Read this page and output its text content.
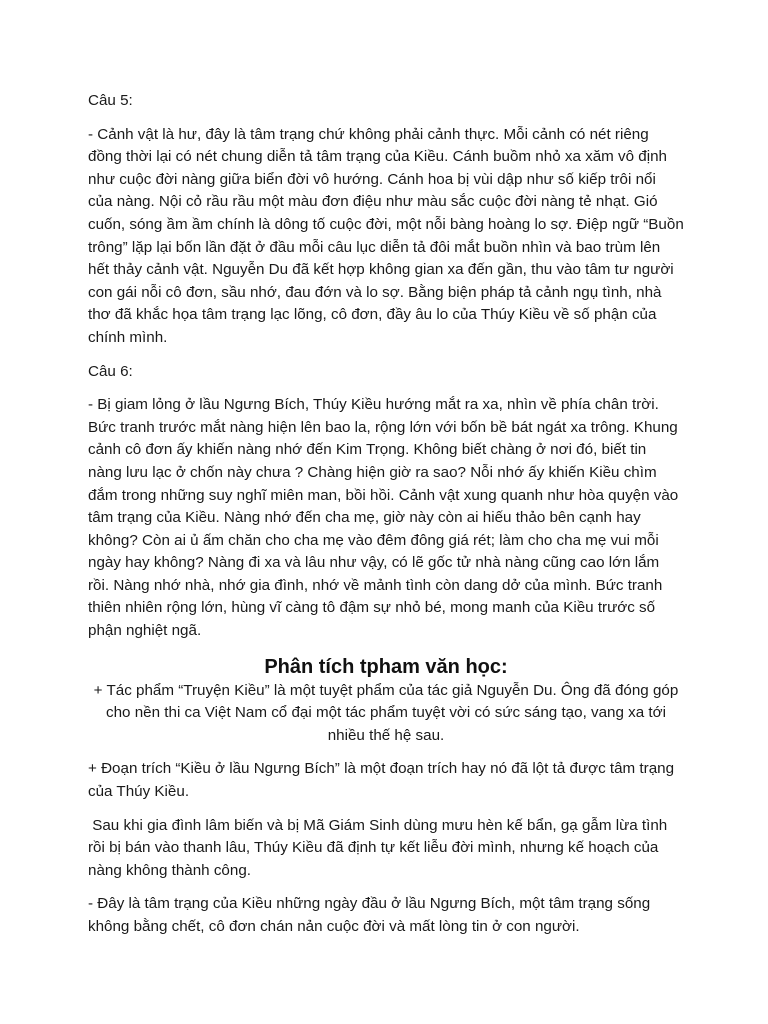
Câu 5:

- Cảnh vật là hư, đây là tâm trạng chứ không phải cảnh thực. Mỗi cảnh có nét riêng đồng thời lại có nét chung diễn tả tâm trạng của Kiều. Cánh buồm nhỏ xa xăm vô định như cuộc đời nàng giữa biển đời vô hướng. Cánh hoa bị vùi dập như số kiếp trôi nổi của nàng. Nội cỏ rầu rầu một màu đơn điệu như màu sắc cuộc đời nàng tẻ nhạt. Gió cuốn, sóng ầm ầm chính là dông tố cuộc đời, một nỗi bàng hoàng lo sợ. Điệp ngữ “Buồn trông” lặp lại bốn lần đặt ở đầu mỗi câu lục diễn tả đôi mắt buồn nhìn và bao trùm lên hết thảy cảnh vật. Nguyễn Du đã kết hợp không gian xa đến gần, thu vào tâm tư người con gái nỗi cô đơn, sầu nhớ, đau đớn và lo sợ. Bằng biện pháp tả cảnh ngụ tình, nhà thơ đã khắc họa tâm trạng lạc lõng, cô đơn, đầy âu lo của Thúy Kiều về số phận của chính mình.

Câu 6:

- Bị giam lỏng ở lầu Ngưng Bích, Thúy Kiều hướng mắt ra xa, nhìn về phía chân trời. Bức tranh trước mắt nàng hiện lên bao la, rộng lớn với bốn bề bát ngát xa trông. Khung cảnh cô đơn ấy khiến nàng nhớ đến Kim Trọng. Không biết chàng ở nơi đó, biết tin nàng lưu lạc ở chốn này chưa ? Chàng hiện giờ ra sao? Nỗi nhớ ấy khiến Kiều chìm đắm trong những suy nghĩ miên man, bồi hồi. Cảnh vật xung quanh như hòa quyện vào tâm trạng của Kiều. Nàng nhớ đến cha mẹ, giờ này còn ai hiếu thảo bên cạnh hay không? Còn ai ủ ấm chăn cho cha mẹ vào đêm đông giá rét; làm cho cha mẹ vui mỗi ngày hay không? Nàng đi xa và lâu như vậy, có lẽ gốc tử nhà nàng cũng cao lớn lắm rồi. Nàng nhớ nhà, nhớ gia đình, nhớ về mảnh tình còn dang dở của mình. Bức tranh thiên nhiên rộng lớn, hùng vĩ càng tô đậm sự nhỏ bé, mong manh của Kiều trước số phận nghiệt ngã.

Phân tích tpham văn học:

+ Tác phẩm “Truyện Kiều” là một tuyệt phẩm của tác giả Nguyễn Du. Ông đã đóng góp cho nền thi ca Việt Nam cổ đại một tác phẩm tuyệt vời có sức sáng tạo, vang xa tới nhiều thế hệ sau.

+ Đoạn trích “Kiều ở lầu Ngưng Bích” là một đoạn trích hay nó đã lột tả được tâm trạng của Thúy Kiều.

Sau khi gia đình lâm biến và bị Mã Giám Sinh dùng mưu hèn kế bẩn, gạ gẫm lừa tình rồi bị bán vào thanh lâu, Thúy Kiều đã định tự kết liễu đời mình, nhưng kế hoạch của nàng không thành công.

- Đây là tâm trạng của Kiều những ngày đầu ở lầu Ngưng Bích, một tâm trạng sống không bằng chết, cô đơn chán nản cuộc đời và mất lòng tin ở con người.
